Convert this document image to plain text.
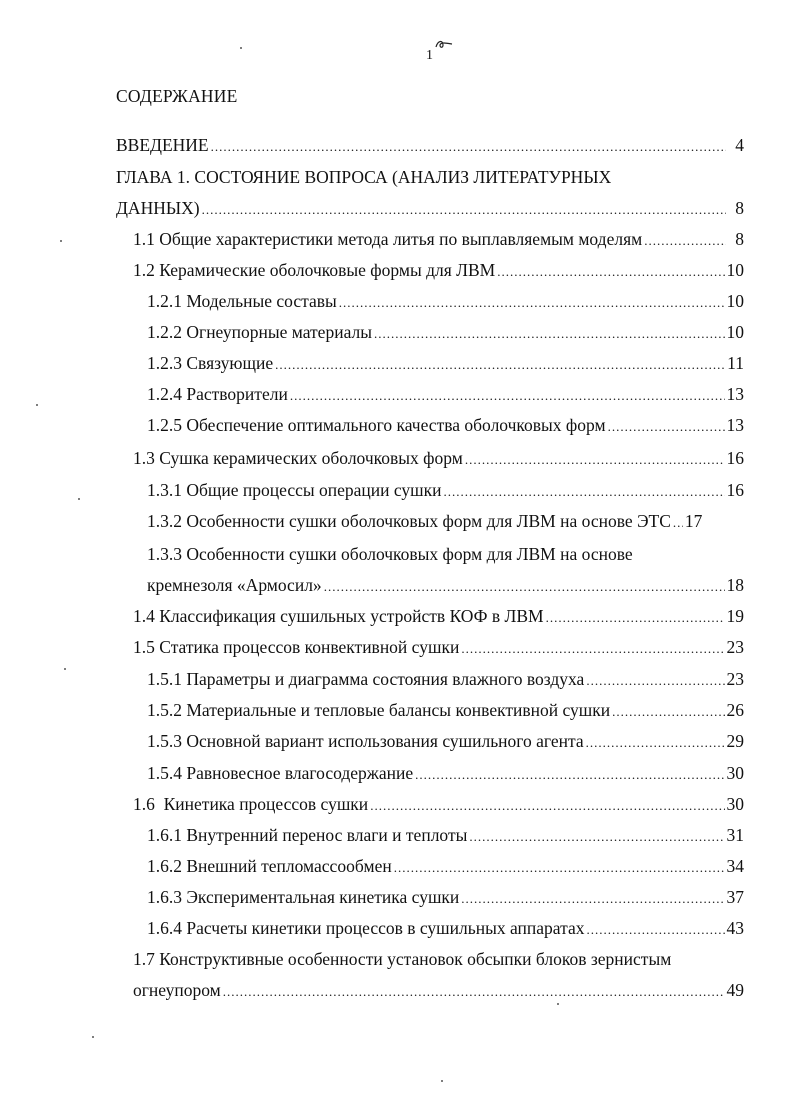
1
СОДЕРЖАНИЕ
ВВЕДЕНИЕ .....	4
ГЛАВА 1. СОСТОЯНИЕ ВОПРОСА (АНАЛИЗ ЛИТЕРАТУРНЫХ
ДАННЫХ) .....	8
1.1 Общие характеристики метода литья по выплавляемым моделям .....	8
1.2 Керамические оболочковые формы для ЛВМ .....	10
1.2.1 Модельные составы .....	10
1.2.2 Огнеупорные материалы .....	10
1.2.3 Связующие .....	11
1.2.4 Растворители .....	13
1.2.5 Обеспечение оптимального качества оболочковых форм .....	13
1.3 Сушка керамических оболочковых форм .....	16
1.3.1 Общие процессы операции сушки .....	16
1.3.2 Особенности сушки оболочковых форм для ЛВМ на основе ЭТС ..... 17
1.3.3 Особенности сушки оболочковых форм для ЛВМ на основе
кремнезоля «Армосил» .....	18
1.4 Классификация сушильных устройств КОФ в ЛВМ .....	19
1.5 Статика процессов конвективной сушки .....	23
1.5.1 Параметры и диаграмма состояния влажного воздуха .....	23
1.5.2 Материальные и тепловые балансы конвективной сушки .....	26
1.5.3 Основной вариант использования сушильного агента .....	29
1.5.4 Равновесное влагосодержание .....	30
1.6  Кинетика процессов сушки .....	30
1.6.1 Внутренний перенос влаги и теплоты .....	31
1.6.2 Внешний тепломассообмен .....	34
1.6.3 Экспериментальная кинетика сушки .....	37
1.6.4 Расчеты кинетики процессов в сушильных аппаратах .....	43
1.7 Конструктивные особенности установок обсыпки блоков зернистым
огнеупором .....	49
